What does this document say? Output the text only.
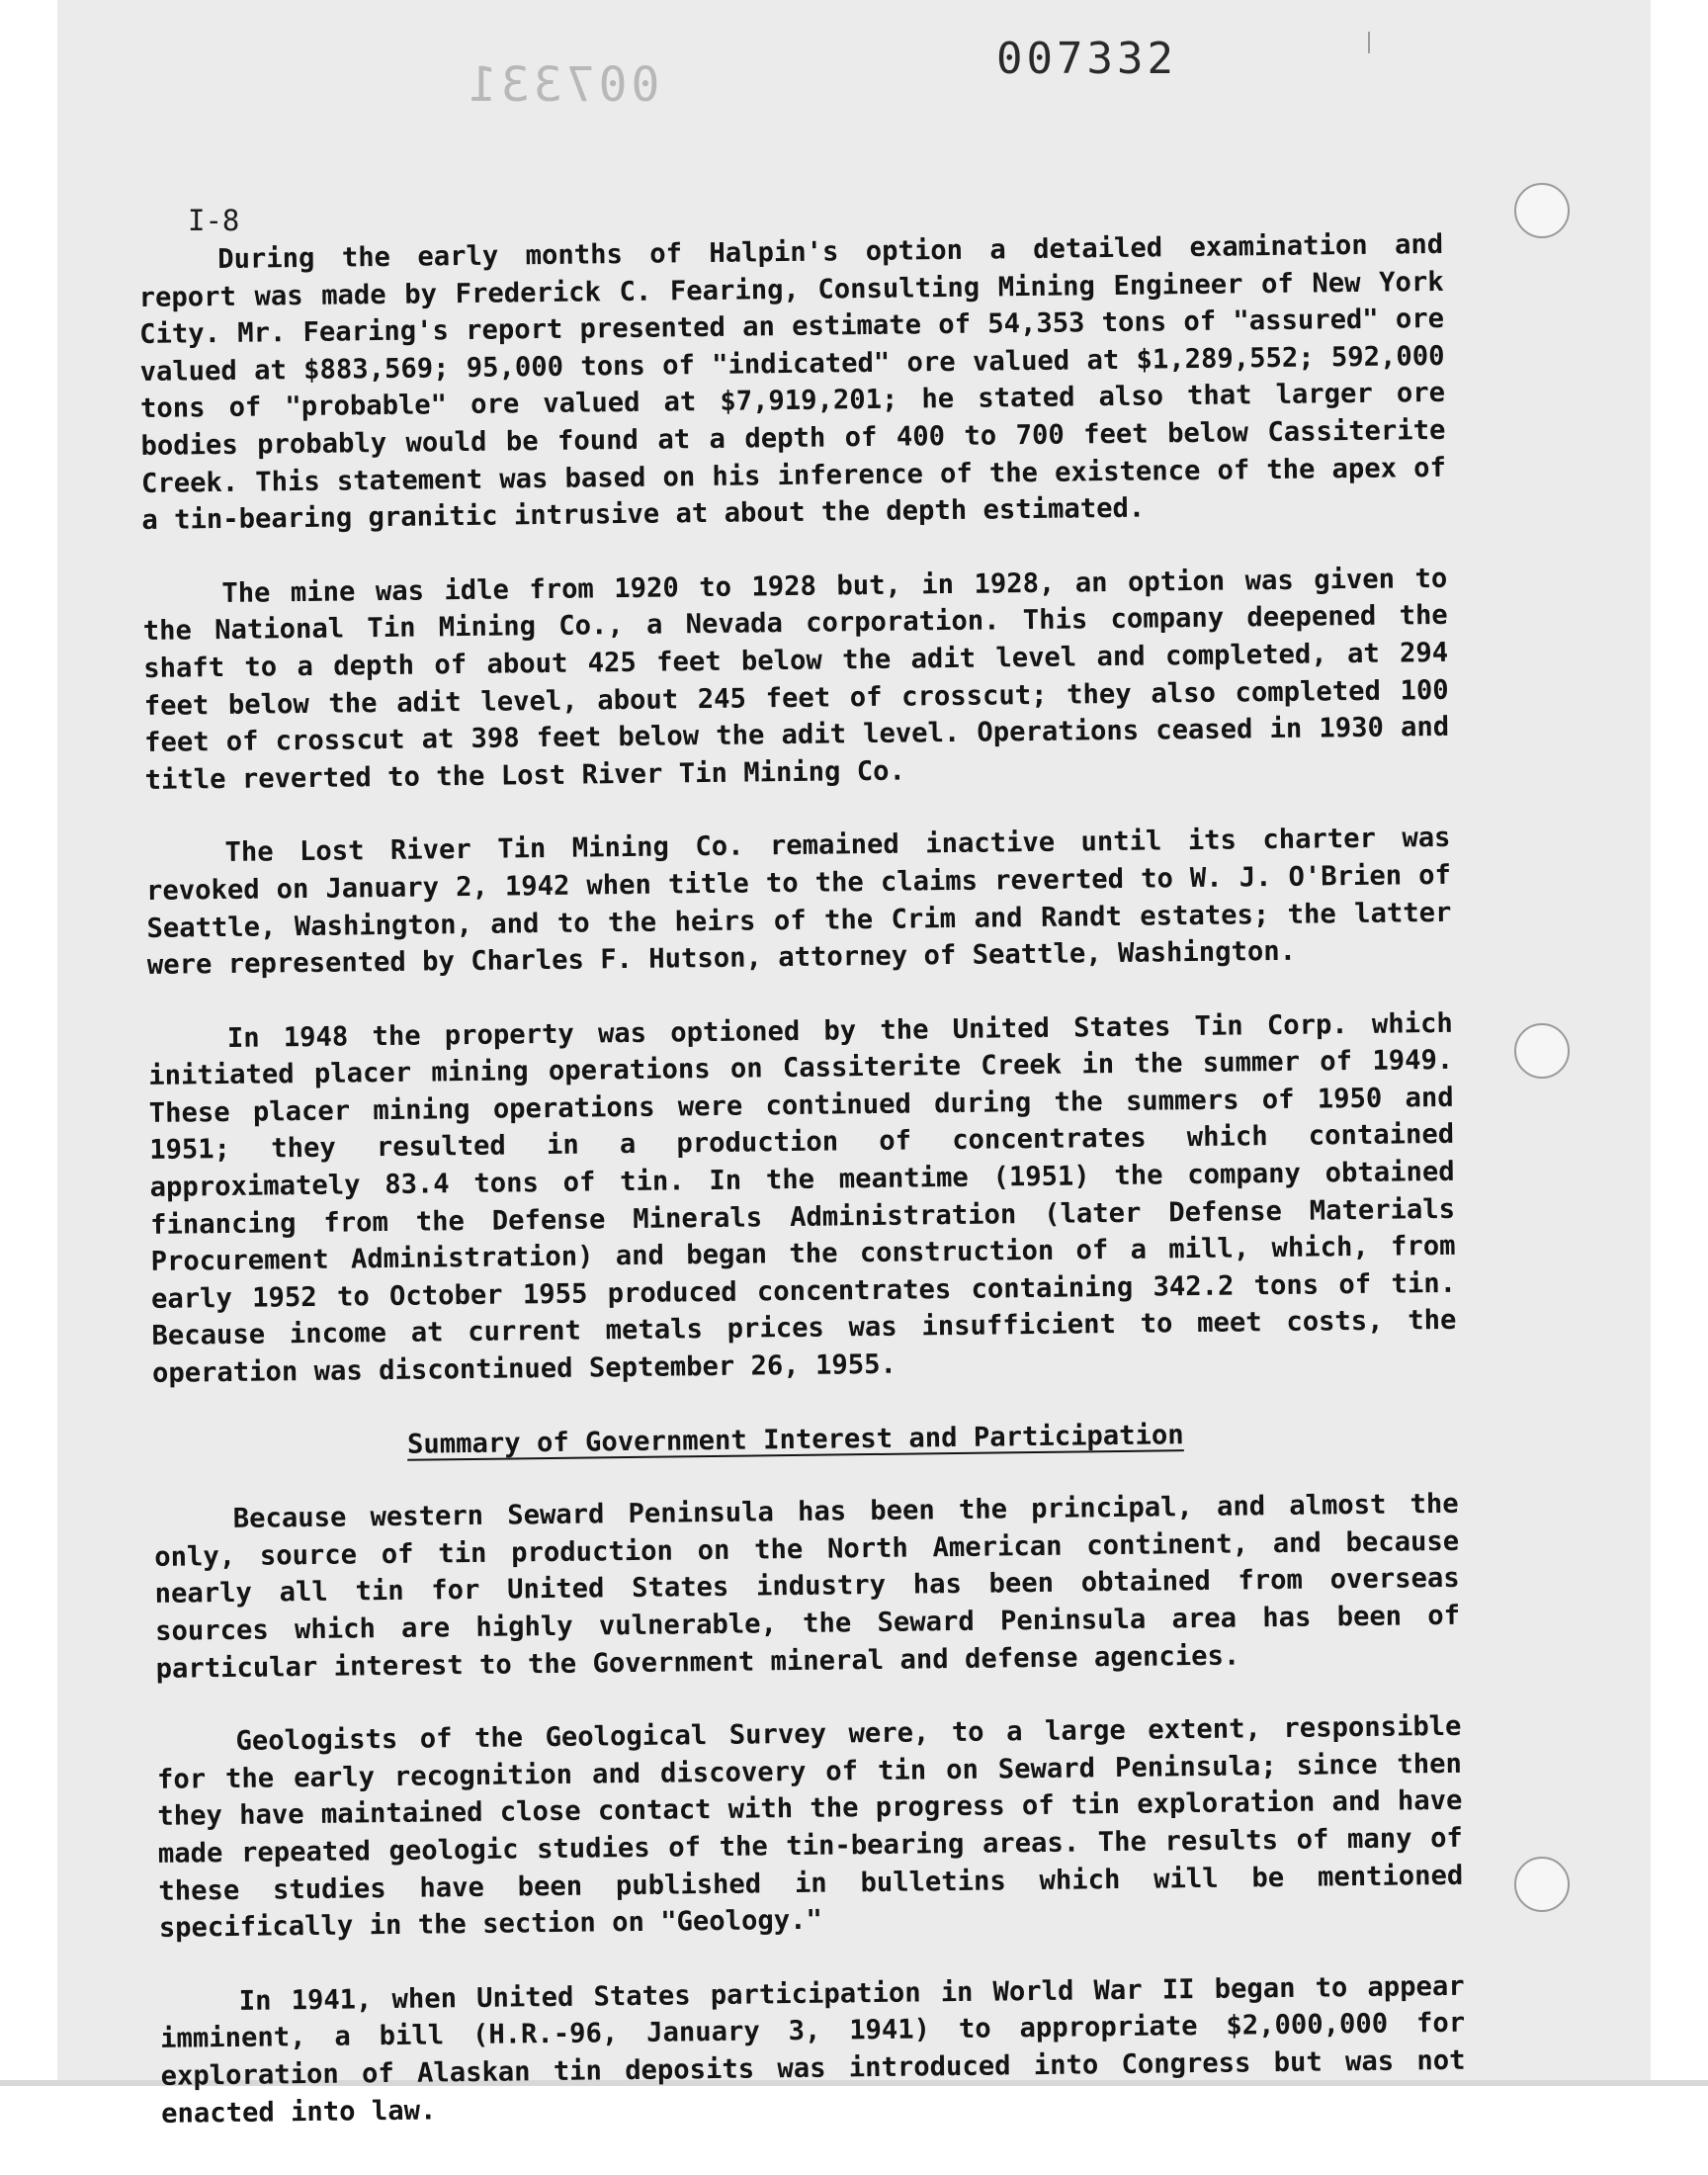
007331	007332
I-8

During the early months of Halpin's option a detailed examination and report was made by Frederick C. Fearing, Consulting Mining Engineer of New York City. Mr. Fearing's report presented an estimate of 54,353 tons of "assured" ore valued at $883,569; 95,000 tons of "indicated" ore valued at $1,289,552; 592,000 tons of "probable" ore valued at $7,919,201; he stated also that larger ore bodies probably would be found at a depth of 400 to 700 feet below Cassiterite Creek. This statement was based on his inference of the existence of the apex of a tin-bearing granitic intrusive at about the depth estimated.

The mine was idle from 1920 to 1928 but, in 1928, an option was given to the National Tin Mining Co., a Nevada corporation. This company deepened the shaft to a depth of about 425 feet below the adit level and completed, at 294 feet below the adit level, about 245 feet of crosscut; they also completed 100 feet of crosscut at 398 feet below the adit level. Operations ceased in 1930 and title reverted to the Lost River Tin Mining Co.

The Lost River Tin Mining Co. remained inactive until its charter was revoked on January 2, 1942 when title to the claims reverted to W. J. O'Brien of Seattle, Washington, and to the heirs of the Crim and Randt estates; the latter were represented by Charles F. Hutson, attorney of Seattle, Washington.

In 1948 the property was optioned by the United States Tin Corp. which initiated placer mining operations on Cassiterite Creek in the summer of 1949. These placer mining operations were continued during the summers of 1950 and 1951; they resulted in a production of concentrates which contained approximately 83.4 tons of tin. In the meantime (1951) the company obtained financing from the Defense Minerals Administration (later Defense Materials Procurement Administration) and began the construction of a mill, which, from early 1952 to October 1955 produced concentrates containing 342.2 tons of tin. Because income at current metals prices was insufficient to meet costs, the operation was discontinued September 26, 1955.

Summary of Government Interest and Participation

Because western Seward Peninsula has been the principal, and almost the only, source of tin production on the North American continent, and because nearly all tin for United States industry has been obtained from overseas sources which are highly vulnerable, the Seward Peninsula area has been of particular interest to the Government mineral and defense agencies.

Geologists of the Geological Survey were, to a large extent, responsible for the early recognition and discovery of tin on Seward Peninsula; since then they have maintained close contact with the progress of tin exploration and have made repeated geologic studies of the tin-bearing areas. The results of many of these studies have been published in bulletins which will be mentioned specifically in the section on "Geology."

In 1941, when United States participation in World War II began to appear imminent, a bill (H.R.-96, January 3, 1941) to appropriate $2,000,000 for exploration of Alaskan tin deposits was introduced into Congress but was not enacted into law.
